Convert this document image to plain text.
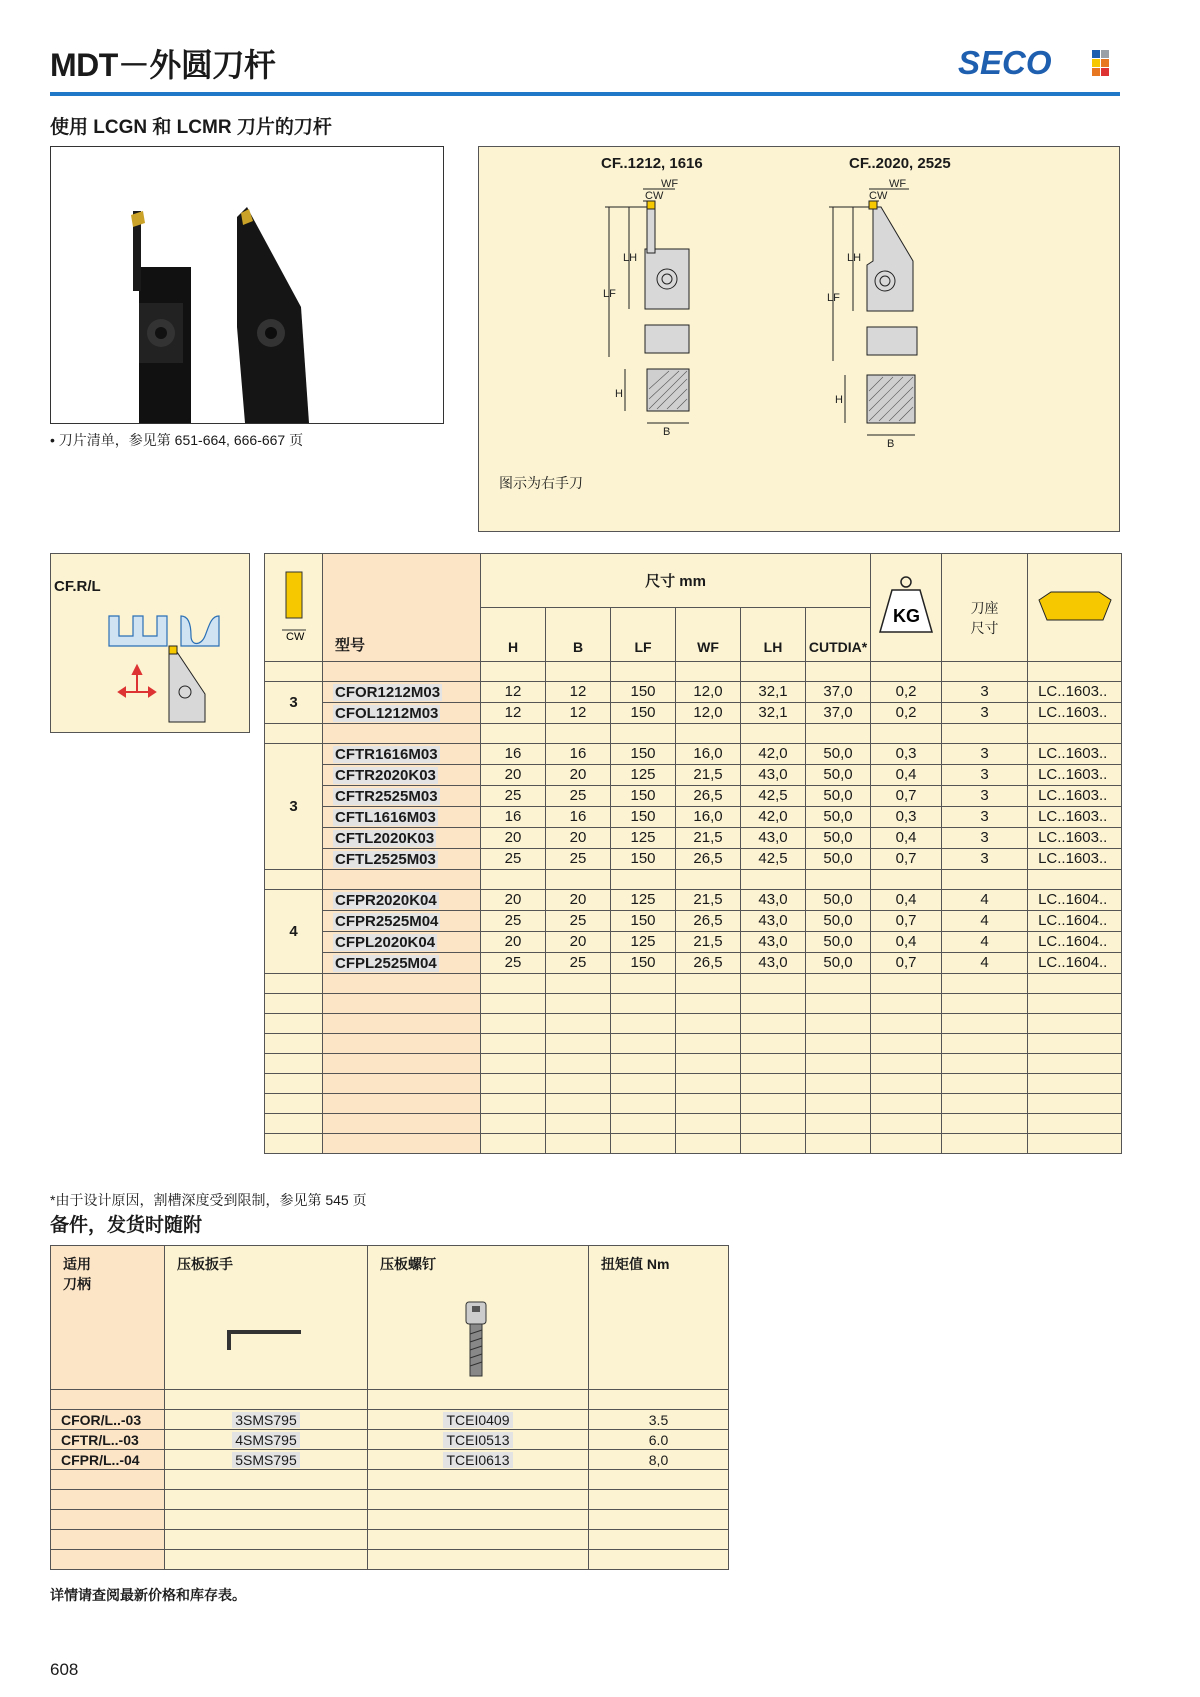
MDT－外圆刀杆	SECO
使用 LCGN 和 LCMR 刀片的刀杆
• 刀片清单，参见第 651-664, 666-667 页
CF..1212, 1616	CF..2020, 2525
WF
CW
LH
LF
H
B
WF
CW
LH
LF
H
B
图示为右手刀
CF.R/L
CW	型号	尺寸 mm						KG	刀座
尺寸	
		H	B	LF	WF	LH	CUTDIA*			

3	CFOR1212M03	12	12	150	12,0	32,1	37,0	0,2	3	LC..1603..
	CFOL1212M03	12	12	150	12,0	32,1	37,0	0,2	3	LC..1603..

3	CFTR1616M03	16	16	150	16,0	42,0	50,0	0,3	3	LC..1603..
	CFTR2020K03	20	20	125	21,5	43,0	50,0	0,4	3	LC..1603..
	CFTR2525M03	25	25	150	26,5	42,5	50,0	0,7	3	LC..1603..
	CFTL1616M03	16	16	150	16,0	42,0	50,0	0,3	3	LC..1603..
	CFTL2020K03	20	20	125	21,5	43,0	50,0	0,4	3	LC..1603..
	CFTL2525M03	25	25	150	26,5	42,5	50,0	0,7	3	LC..1603..

4	CFPR2020K04	20	20	125	21,5	43,0	50,0	0,4	4	LC..1604..
	CFPR2525M04	25	25	150	26,5	43,0	50,0	0,7	4	LC..1604..
	CFPL2020K04	20	20	125	21,5	43,0	50,0	0,4	4	LC..1604..
	CFPL2525M04	25	25	150	26,5	43,0	50,0	0,7	4	LC..1604..

*由于设计原因，割槽深度受到限制，参见第 545 页
备件，发货时随附
适用
刀柄	压板扳手	压板螺钉	扭矩值 Nm

CFOR/L..-03	3SMS795	TCEI0409	3.5
CFTR/L..-03	4SMS795	TCEI0513	6.0
CFPR/L..-04	5SMS795	TCEI0613	8,0

详情请查阅最新价格和库存表。
608
